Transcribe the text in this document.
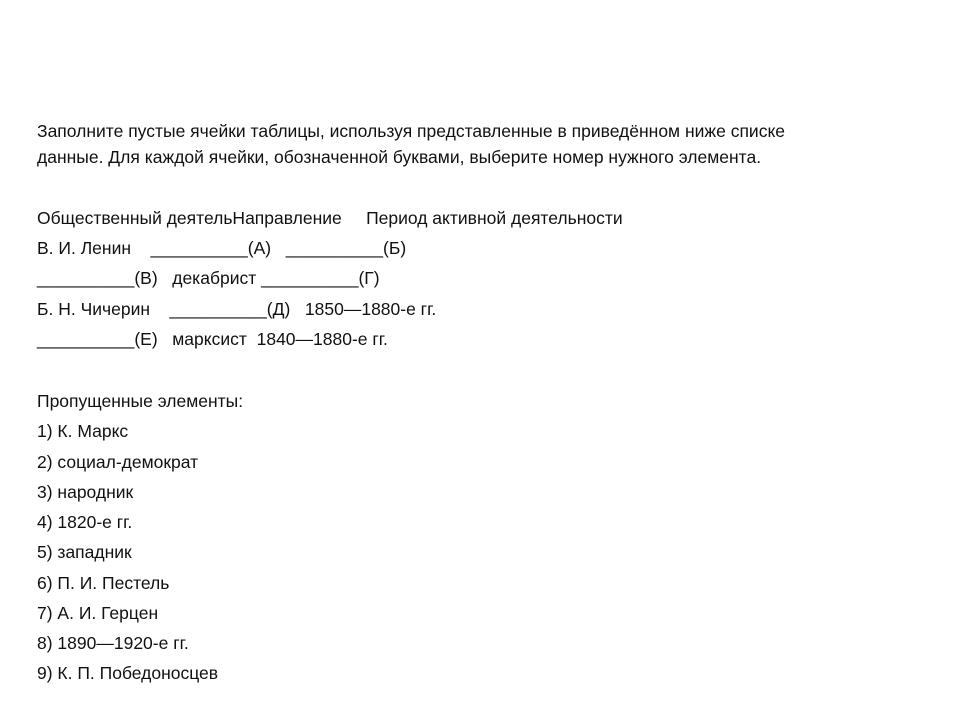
Заполните пустые ячейки таблицы, используя представленные в приведённом ниже списке

данные. Для каждой ячейки, обозначенной буквами, выберите номер нужного элемента.

Общественный деятельНаправление     Период активной деятельности

В. И. Ленин    __________(А)   __________(Б)

__________(В)   декабрист __________(Г)

Б. Н. Чичерин    __________(Д)   1850—1880-е гг.

__________(Е)   марксист  1840—1880-е гг.

Пропущенные элементы:

1) К. Маркс

2) социал-демократ

3) народник

4) 1820-е гг.

5) западник

6) П. И. Пестель

7) А. И. Герцен

8) 1890—1920-е гг.

9) К. П. Победоносцев
